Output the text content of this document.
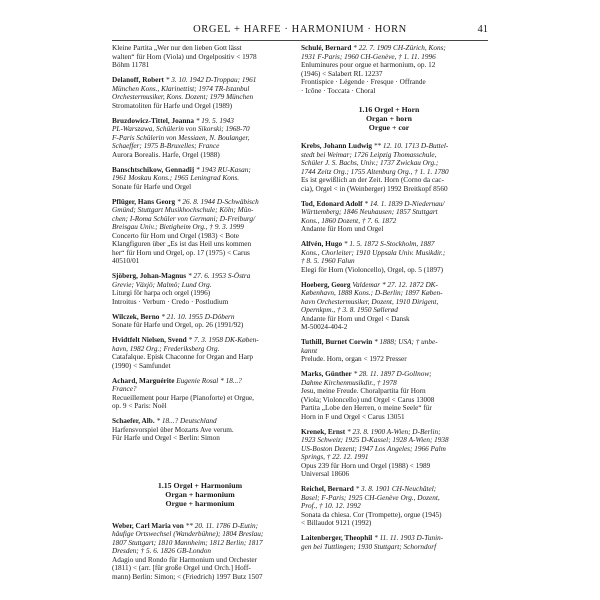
ORGEL + HARFE · HARMONIUM · HORN	41

Kleine Partita „Wer nur den lieben Gott lässt

walten“ für Horn (Viola) und Orgelpositiv < 1978

Böhm 11781

Delanoff, Robert * 3. 10. 1942 D-Troppau; 1961

München Kons., Klarinettist; 1974 TR-Istanbul

Orchestermusiker, Kons. Dozent; 1979 München

Stromatoliten für Harfe und Orgel (1989)

Bruzdowicz-Tittel, Joanna * 19. 5. 1943

PL-Warszawa, Schülerin von Sikorski; 1968-70

F-Paris Schülerin von Messiaen, N. Boulanger,

Schaeffer; 1975 B-Bruxelles; France

Aurora Borealis. Harfe, Orgel (1988)

Banschtschikow, Gennadij * 1943 RU-Kasan;

1961 Moskau Kons.; 1965 Leningrad Kons.

Sonate für Harfe und Orgel

Pflüger, Hans Georg * 26. 8. 1944 D-Schwäbisch

Gmünd; Stuttgart Musikhochschule; Köln; Mün-

chen; I-Roma Schüler von Germani; D-Freiburg/

Breisgau Univ.; Bietigheim Org., † 9. 3. 1999

Concerto für Horn und Orgel (1983) < Bote

Klangfiguren über „Es ist das Heil uns kommen

her“ für Horn und Orgel, op. 17 (1975) < Carus

40510/01

Sjöberg, Johan-Magnus * 27. 6. 1953 S-Östra

Grevie; Växjö; Malmö; Lund Org.

Liturgi för harpa och orgel (1996)

Introitus · Verbum · Credo · Postludium

Wilczek, Berno * 21. 10. 1955 D-Döbern

Sonate für Harfe und Orgel, op. 26 (1991/92)

Hvidtfelt Nielsen, Svend * 7. 3. 1958 DK-Køben-

havn, 1982 Org.; Frederiksberg Org.

Catafalque. Episk Chaconne for Organ and Harp

(1990) < Samfundet

Achard, Marguérite Eugenie Rosal * 18...?

France?

Recueillement pour Harpe (Pianoforte) et Orgue,

op. 9 < Paris: Noël

Schaefer, Alb. * 18...? Deutschland

Harfensvorspiel über Mozarts Ave verum.

Für Harfe und Orgel < Berlin: Simon

1.15 Orgel + Harmonium
Organ + harmonium
Orgue + harmonium

Weber, Carl Maria von ** 20. 11. 1786 D-Eutin;

häufige Ortswechsel (Wanderbühne); 1804 Breslau;

1807 Stuttgart; 1810 Mannheim; 1812 Berlin; 1817

Dresden; † 5. 6. 1826 GB-London

Adagio und Rondo für Harmonium und Orchester

(1811) < (arr. [für große Orgel und Orch.] Hoff-

mann) Berlin: Simon; < (Friedrich) 1997 Butz 1507

Schulé, Bernard * 22. 7. 1909 CH-Zürich, Kons;

1931 F-Paris; 1960 CH-Genève, † 1. 11. 1996

Enluminures pour orgue et harmonium, op. 12

(1946) < Salabert RL 12237

Frontispice · Légende · Fresque · Offrande

· Icône · Toccata · Choral

1.16 Orgel + Horn
Organ + horn
Orgue + cor

Krebs, Johann Ludwig ** 12. 10. 1713 D-Buttel-

stedt bei Weimar; 1726 Leipzig Thomasschule,

Schüler J. S. Bachs, Univ.; 1737 Zwickau Org.;

1744 Zeitz Org.; 1755 Altenburg Org., † 1. 1. 1780

Es ist gewißlich an der Zeit. Horn (Corno da cac-

cia), Orgel < in (Weinberger) 1992 Breitkopf 8560

Tod, Edonard Adolf * 14. 1. 1839 D-Niedernau/

Württemberg; 1846 Neuhausen; 1857 Stuttgart

Kons., 1860 Dozent, † 7. 6. 1872

Andante für Horn und Orgel

Alfvén, Hugo * 1. 5. 1872 S-Stockholm, 1887

Kons., Chorleiter; 1910 Uppsala Univ. Musikdir.;

† 8. 5. 1960 Falun

Elegi för Horn (Violoncello), Orgel, op. 5 (1897)

Hoeberg, Georg Valdemar * 27. 12. 1872 DK-

København, 1888 Kons.; D-Berlin; 1897 Køben-

havn Orchestermusiker, Dozent, 1910 Dirigent,

Opernkpm., † 3. 8. 1950 Søllerød

Andante für Horn und Orgel < Dansk

M-50024-404-2

Tuthill, Burnet Corwin * 1888; USA; † unbe-

kannt

Prelude. Horn, organ < 1972 Presser

Marks, Günther * 28. 11. 1897 D-Gollnow;

Dahme Kirchenmusikdir., † 1978

Jesu, meine Freude. Choralpartita für Horn

(Viola; Violoncello) und Orgel < Carus 13008

Partita „Lobe den Herren, o meine Seele“ für

Horn in F und Orgel < Carus 13051

Krenek, Ernst * 23. 8. 1900 A-Wien; D-Berlin;

1923 Schweiz; 1925 D-Kassel; 1928 A-Wien; 1938

US-Boston Dezent; 1947 Los Angeles; 1966 Palm

Springs, † 22. 12. 1991

Opus 239 für Horn und Orgel (1988) < 1989

Universal 18606

Reichel, Bernard * 3. 8. 1901 CH-Neuchâtel;

Basel; F-Paris; 1925 CH-Genève Org., Dozent,

Prof., † 10. 12. 1992

Sonata da chiesa. Cor (Trompette), orgue (1945)

< Billaudot 9121 (1992)

Laitenberger, Theophil * 11. 11. 1903 D-Tunin-

gen bei Tuttlingen; 1930 Stuttgart; Schorndorf
